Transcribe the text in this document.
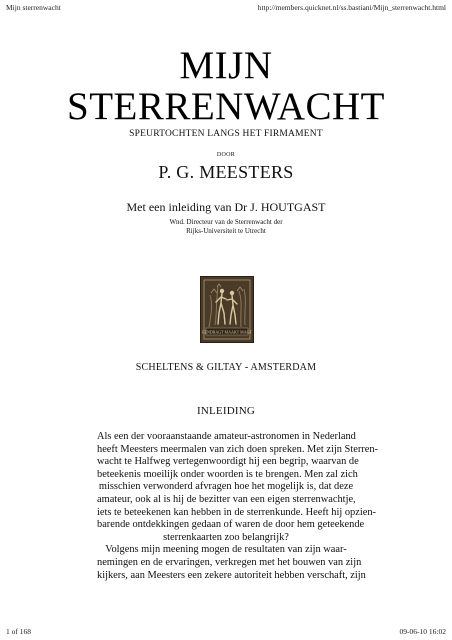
Mijn sterrenwacht	http://members.quicknet.nl/ss.bastiani/Mijn_sterrenwacht.html
MIJN
STERRENWACHT
SPEURTOCHTEN LANGS HET FIRMAMENT
DOOR
P. G. MEESTERS
Met een inleiding van Dr J. HOUTGAST
Wnd. Directeur van de Sterrenwacht der
Rijks-Universiteit te Utrecht
EENDRAGT MAAKT MAGT
SCHELTENS & GILTAY - AMSTERDAM
INLEIDING
Als een der vooraanstaande amateur-astronomen in Nederland
heeft Meesters meermalen van zich doen spreken. Met zijn Sterren-
wacht te Halfweg vertegenwoordigt hij een begrip, waarvan de
beteekenis moeilijk onder woorden is te brengen. Men zal zich
misschien verwonderd afvragen hoe het mogelijk is, dat deze
amateur, ook al is hij de bezitter van een eigen sterrenwachtje,
iets te beteekenen kan hebben in de sterrenkunde. Heeft hij opzien-
barende ontdekkingen gedaan of waren de door hem geteekende
sterrenkaarten zoo belangrijk?
Volgens mijn meening mogen de resultaten van zijn waar-
nemingen en de ervaringen, verkregen met het bouwen van zijn
kijkers, aan Meesters een zekere autoriteit hebben verschaft, zijn
1 of 168	09-06-10 16:02
